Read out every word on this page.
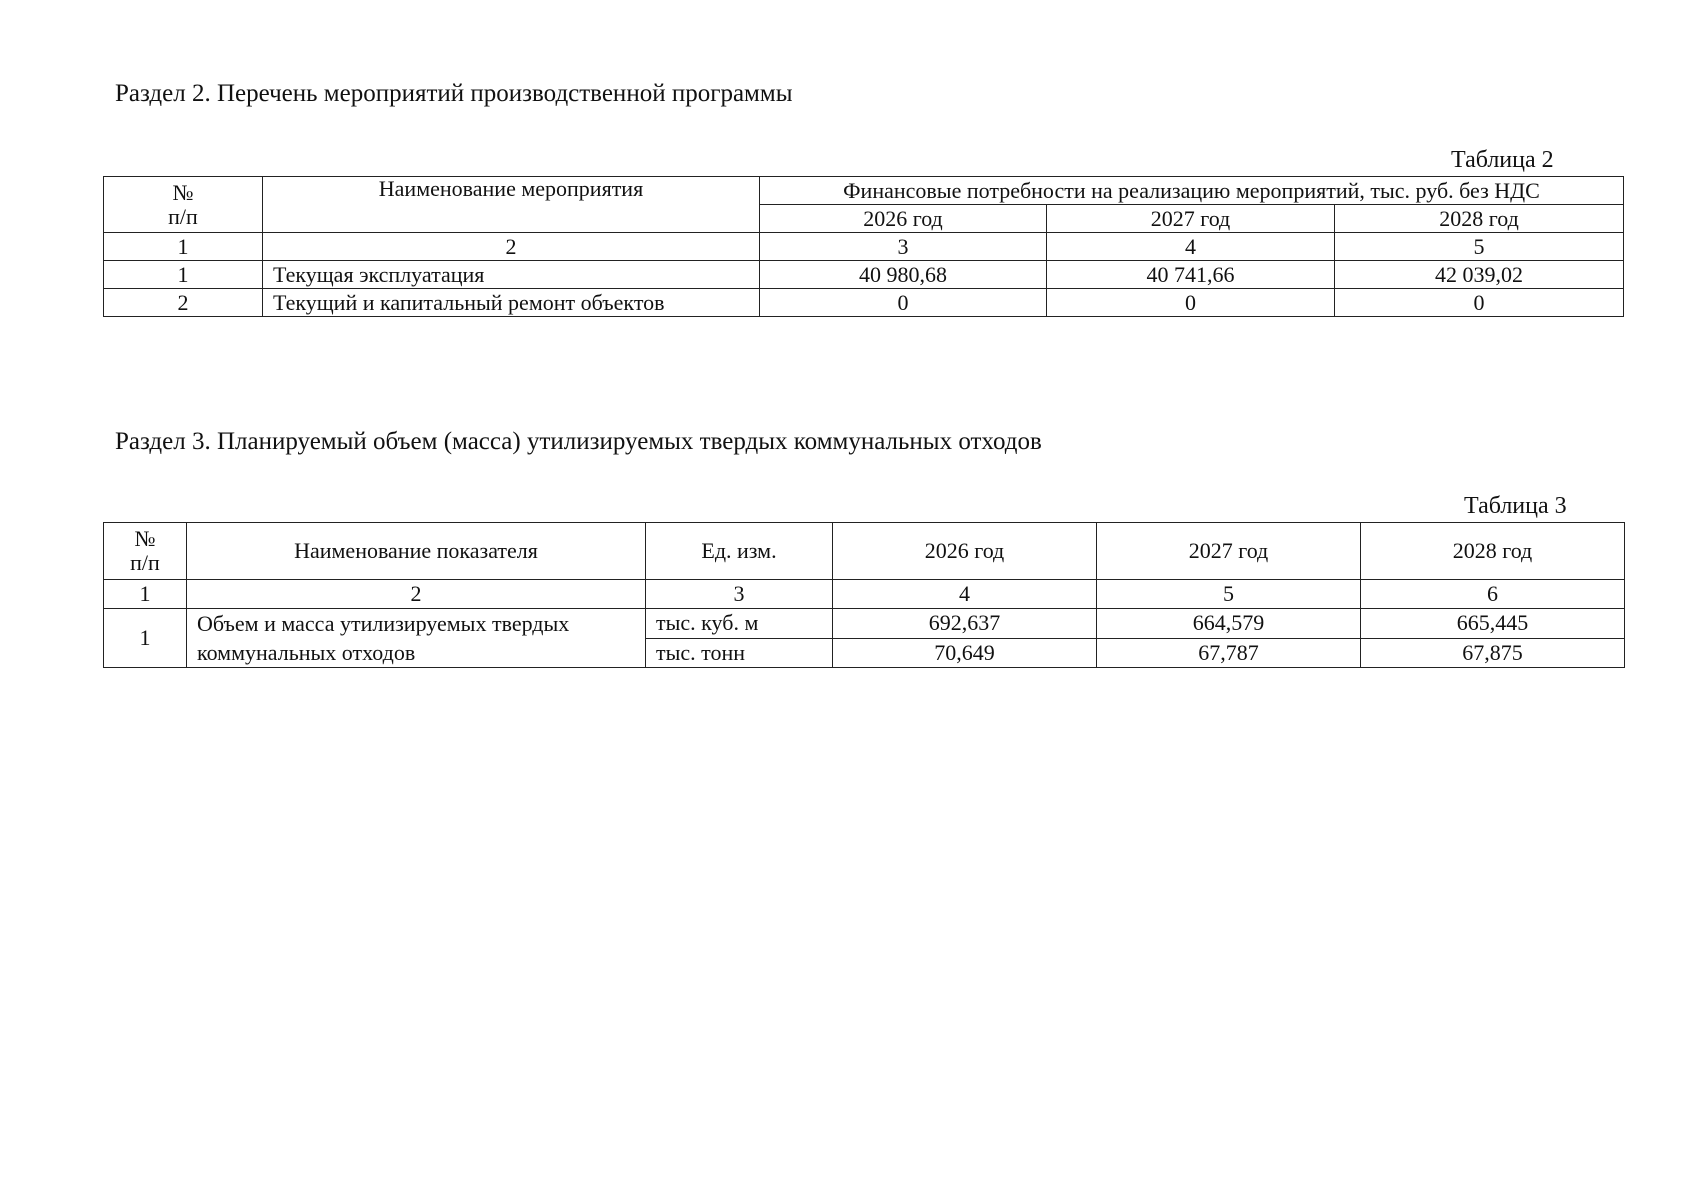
Раздел 2. Перечень мероприятий производственной программы
Таблица 2
№
п/п	Наименование мероприятия	Финансовые потребности на реализацию мероприятий, тыс. руб. без НДС		
		2026 год	2027 год	2028 год
1	2	3	4	5
1	Текущая эксплуатация	40 980,68	40 741,66	42 039,02
2	Текущий и капитальный ремонт объектов	0	0	0
Раздел 3. Планируемый объем (масса) утилизируемых твердых коммунальных отходов
Таблица 3
№
п/п	Наименование показателя	Ед. изм.	2026 год	2027 год	2028 год
1	2	3	4	5	6
1	Объем и масса утилизируемых твердых коммунальных отходов	тыс. куб. м	692,637	664,579	665,445
		тыс. тонн	70,649	67,787	67,875
